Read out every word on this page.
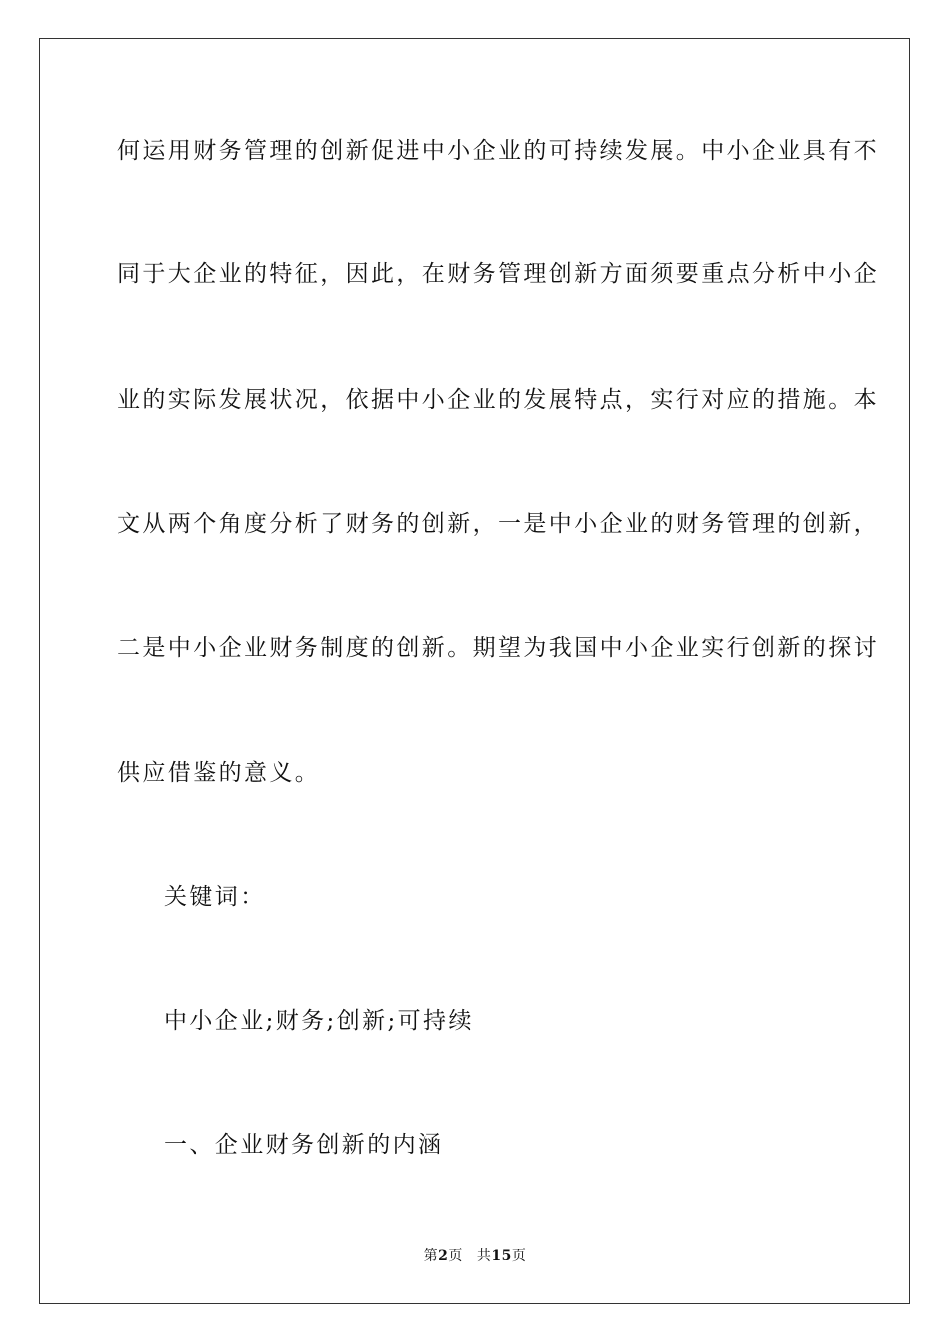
何运用财务管理的创新促进中小企业的可持续发展。中小企业具有不
同于大企业的特征，因此，在财务管理创新方面须要重点分析中小企
业的实际发展状况，依据中小企业的发展特点，实行对应的措施。本
文从两个角度分析了财务的创新，一是中小企业的财务管理的创新，
二是中小企业财务制度的创新。期望为我国中小企业实行创新的探讨
供应借鉴的意义。
关键词：
中小企业;财务;创新;可持续
一、企业财务创新的内涵
第2页 共15页
